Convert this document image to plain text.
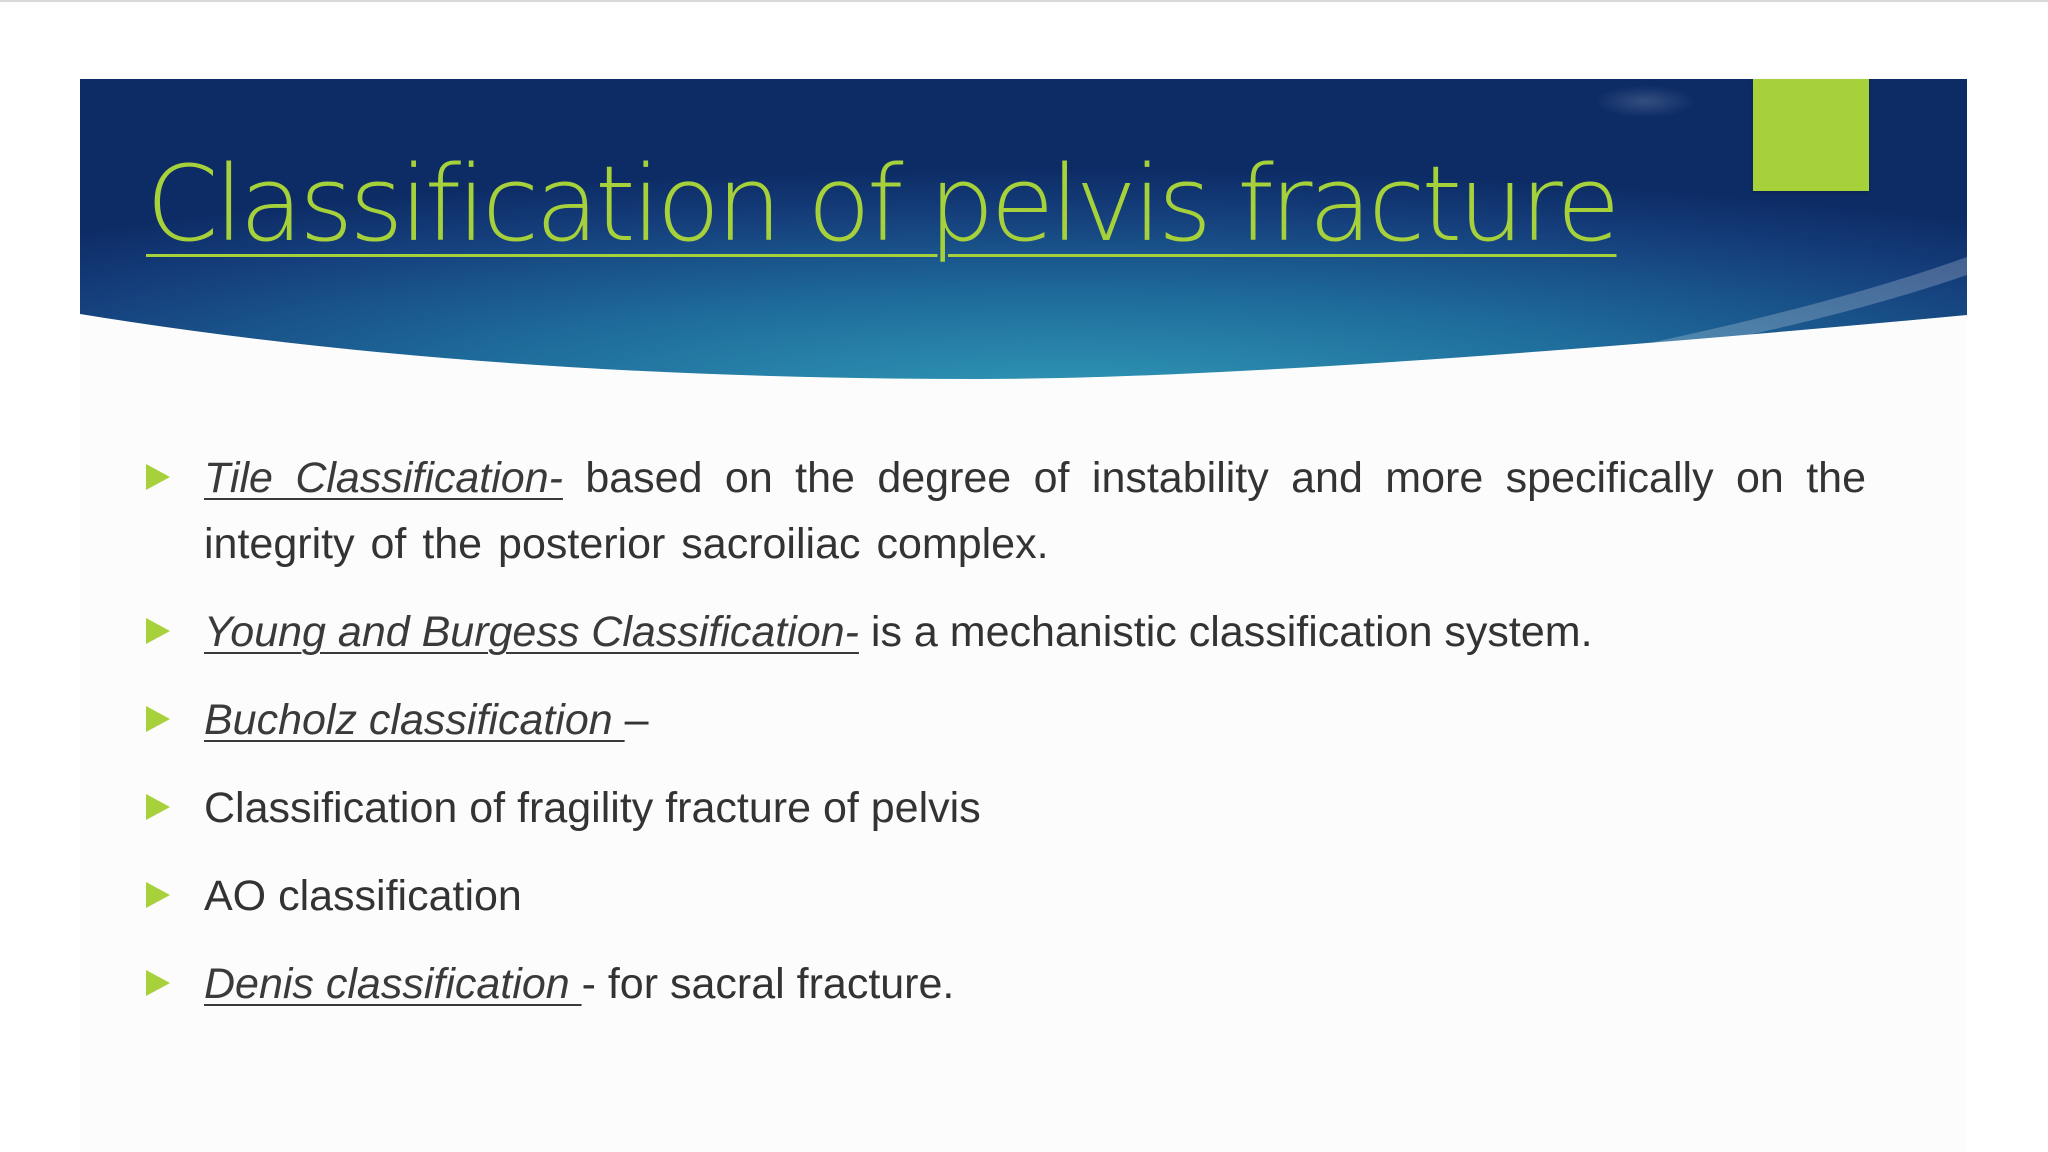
Classification of pelvis fracture
Tile Classification- based on the degree of instability and more specifically on the integrity of the posterior sacroiliac complex.
Young and Burgess Classification- is a mechanistic classification system.
Bucholz classification –
Classification of fragility fracture of pelvis
AO classification
Denis classification - for sacral fracture.
